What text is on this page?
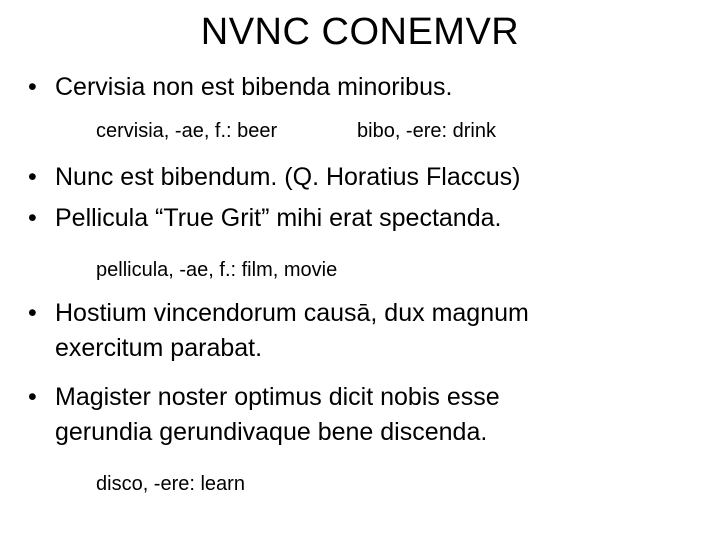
NVNC CONEMVR
• Cervisia non est bibenda minoribus.
cervisia, -ae, f.: beer	bibo, -ere: drink
• Nunc est bibendum. (Q. Horatius Flaccus)
• Pellicula “True Grit” mihi erat spectanda.
pellicula, -ae, f.: film, movie
• Hostium vincendorum causā, dux magnum exercitum parabat.
• Magister noster optimus dicit nobis esse gerundia gerundivaque bene discenda.
disco, -ere: learn
